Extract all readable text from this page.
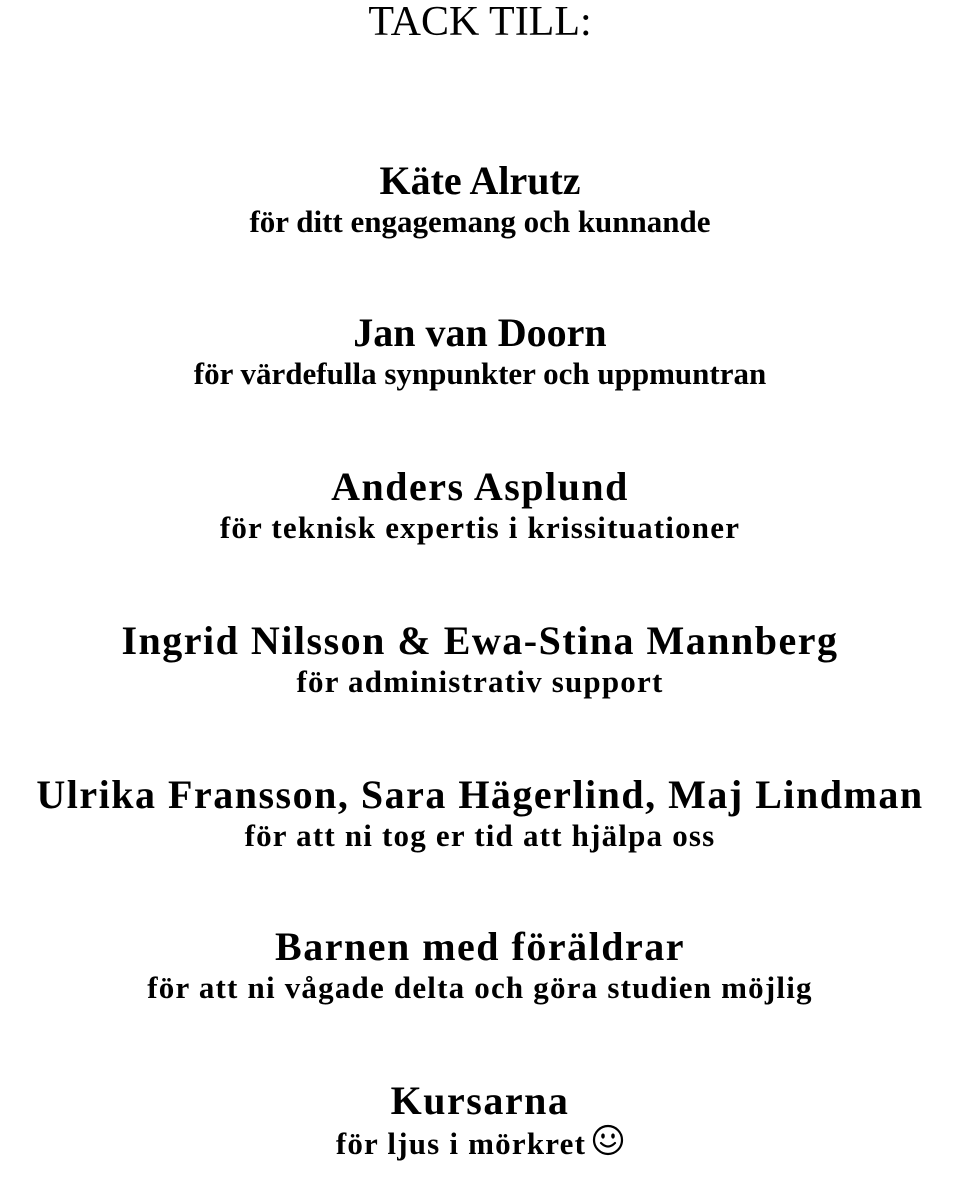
TACK TILL:
Käte Alrutz
för ditt engagemang och kunnande
Jan van Doorn
för värdefulla synpunkter och uppmuntran
Anders Asplund
för teknisk expertis i krissituationer
Ingrid Nilsson & Ewa-Stina Mannberg
för administrativ support
Ulrika Fransson, Sara Hägerlind, Maj Lindman
för att ni tog er tid att hjälpa oss
Barnen med föräldrar
för att ni vågade delta och göra studien möjlig
Kursarna
för ljus i mörkret
